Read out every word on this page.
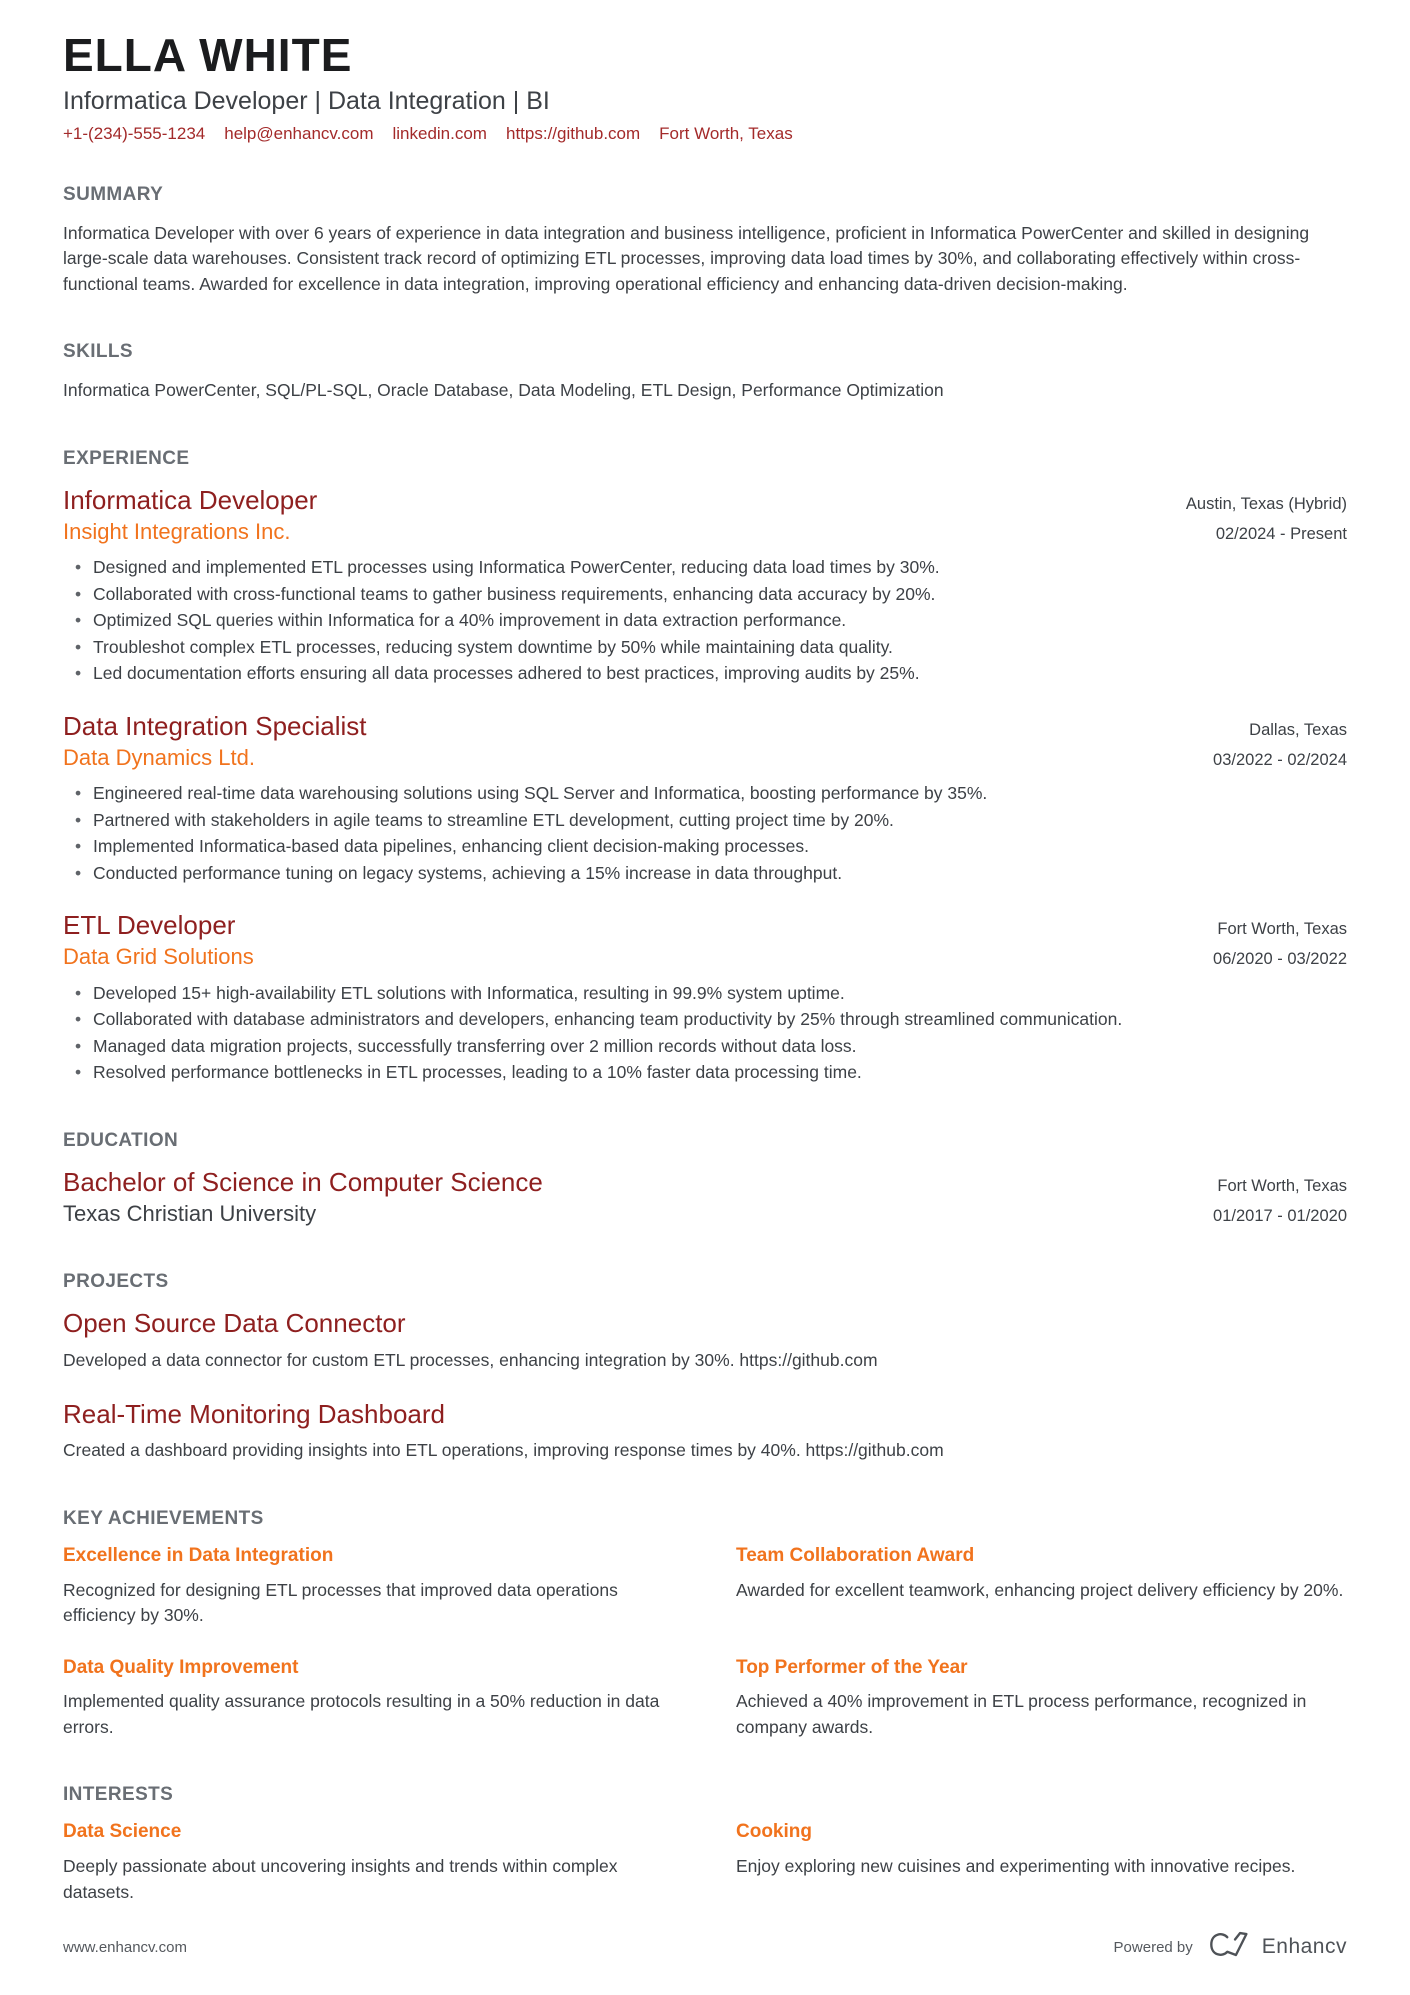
ELLA WHITE
Informatica Developer | Data Integration | BI
+1-(234)-555-1234 help@enhancv.com linkedin.com https://github.com Fort Worth, Texas
SUMMARY

Informatica Developer with over 6 years of experience in data integration and business intelligence, proficient in Informatica PowerCenter and skilled in designing large-scale data warehouses. Consistent track record of optimizing ETL processes, improving data load times by 30%, and collaborating effectively within cross-functional teams. Awarded for excellence in data integration, improving operational efficiency and enhancing data-driven decision-making.

SKILLS

Informatica PowerCenter, SQL/PL-SQL, Oracle Database, Data Modeling, ETL Design, Performance Optimization

EXPERIENCE
Informatica Developer	Austin, Texas (Hybrid)
Insight Integrations Inc.	02/2024 - Present
• Designed and implemented ETL processes using Informatica PowerCenter, reducing data load times by 30%.
• Collaborated with cross-functional teams to gather business requirements, enhancing data accuracy by 20%.
• Optimized SQL queries within Informatica for a 40% improvement in data extraction performance.
• Troubleshot complex ETL processes, reducing system downtime by 50% while maintaining data quality.
• Led documentation efforts ensuring all data processes adhered to best practices, improving audits by 25%.
Data Integration Specialist	Dallas, Texas
Data Dynamics Ltd.	03/2022 - 02/2024
• Engineered real-time data warehousing solutions using SQL Server and Informatica, boosting performance by 35%.
• Partnered with stakeholders in agile teams to streamline ETL development, cutting project time by 20%.
• Implemented Informatica-based data pipelines, enhancing client decision-making processes.
• Conducted performance tuning on legacy systems, achieving a 15% increase in data throughput.
ETL Developer	Fort Worth, Texas
Data Grid Solutions	06/2020 - 03/2022
• Developed 15+ high-availability ETL solutions with Informatica, resulting in 99.9% system uptime.
• Collaborated with database administrators and developers, enhancing team productivity by 25% through streamlined communication.
• Managed data migration projects, successfully transferring over 2 million records without data loss.
• Resolved performance bottlenecks in ETL processes, leading to a 10% faster data processing time.
EDUCATION
Bachelor of Science in Computer Science	Fort Worth, Texas
Texas Christian University	01/2017 - 01/2020
PROJECTS
Open Source Data Connector

Developed a data connector for custom ETL processes, enhancing integration by 30%. https://github.com

Real-Time Monitoring Dashboard

Created a dashboard providing insights into ETL operations, improving response times by 40%. https://github.com

KEY ACHIEVEMENTS
Excellence in Data Integration

Recognized for designing ETL processes that improved data operations efficiency by 30%.

Team Collaboration Award

Awarded for excellent teamwork, enhancing project delivery efficiency by 20%.

Data Quality Improvement

Implemented quality assurance protocols resulting in a 50% reduction in data errors.

Top Performer of the Year

Achieved a 40% improvement in ETL process performance, recognized in company awards.

INTERESTS
Data Science

Deeply passionate about uncovering insights and trends within complex datasets.

Cooking

Enjoy exploring new cuisines and experimenting with innovative recipes.

www.enhancv.com	Powered by	Enhancv
